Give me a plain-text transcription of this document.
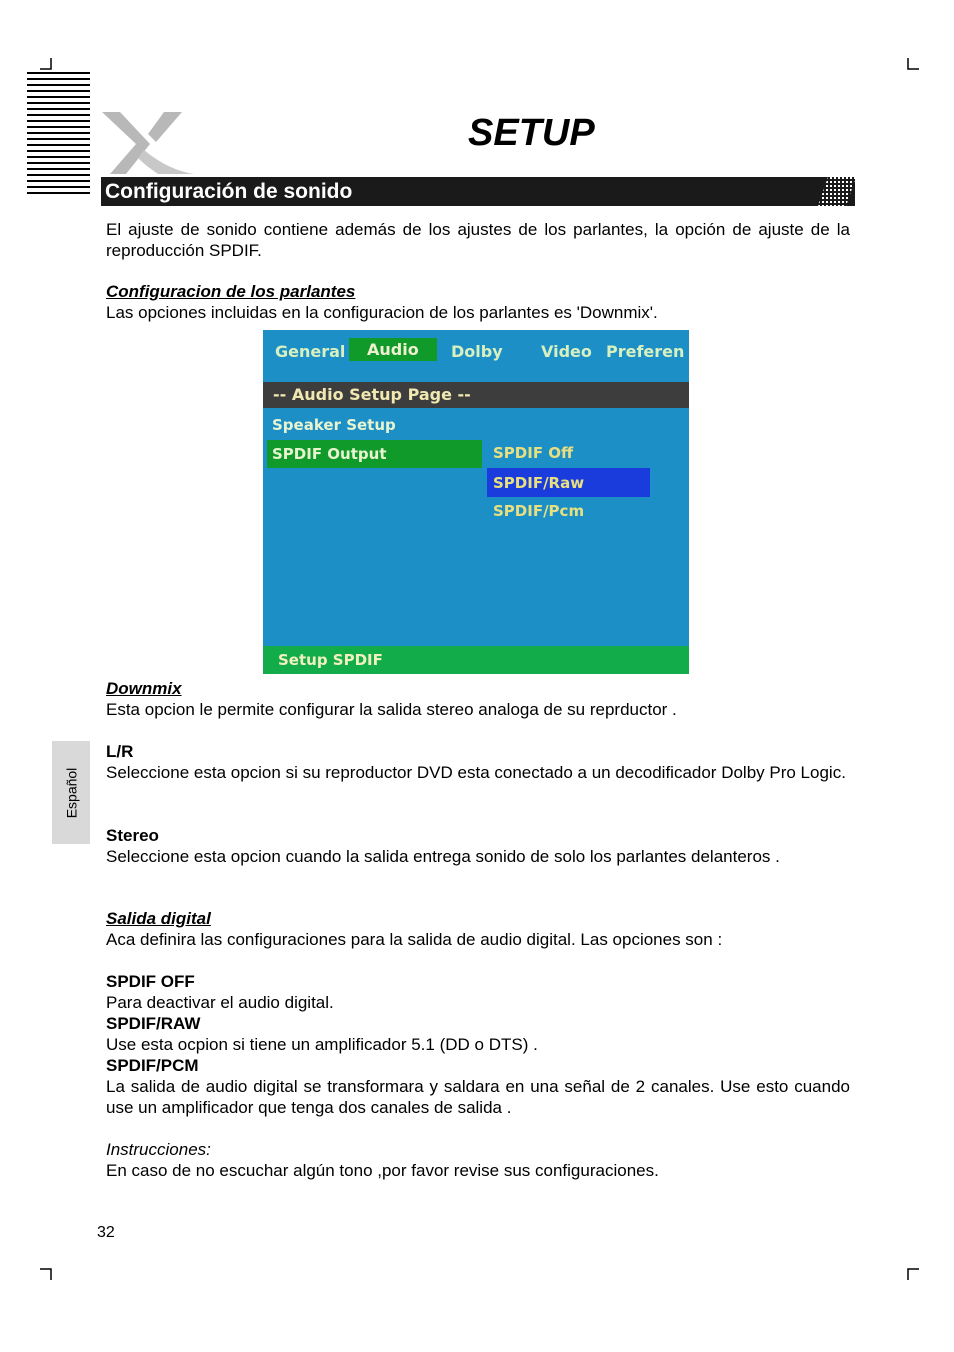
SETUP
Configuración de sonido
El ajuste de sonido contiene además de los ajustes de los parlantes, la opción de ajuste de la reproducción SPDIF.
Configuracion de los parlantes
Las opciones incluidas en la configuracion de los parlantes es 'Downmix'.
General	Audio	Dolby Video Preferen
-- Audio Setup Page --
Speaker Setup
SPDIF Output	SPDIF Off
SPDIF/Raw
SPDIF/Pcm
Setup SPDIF
Downmix
Esta opcion le permite configurar la salida stereo analoga de su reprductor .
L/R
Seleccione esta opcion si su reproductor DVD esta conectado a un decodificador Dolby Pro Logic.
Stereo
Seleccione esta opcion cuando la salida entrega sonido de solo los parlantes delanteros .
Salida digital
Aca definira las configuraciones para la salida de audio digital. Las opciones son :
SPDIF OFF
Para deactivar el audio digital.
SPDIF/RAW
Use esta ocpion si tiene un amplificador 5.1 (DD o DTS) .
SPDIF/PCM
La salida de audio digital se transformara y saldara en una señal de 2 canales. Use esto cuando use un amplificador que tenga dos canales de salida .
Instrucciones:
En caso de no escuchar algún tono ,por favor revise sus configuraciones.
Español
32
